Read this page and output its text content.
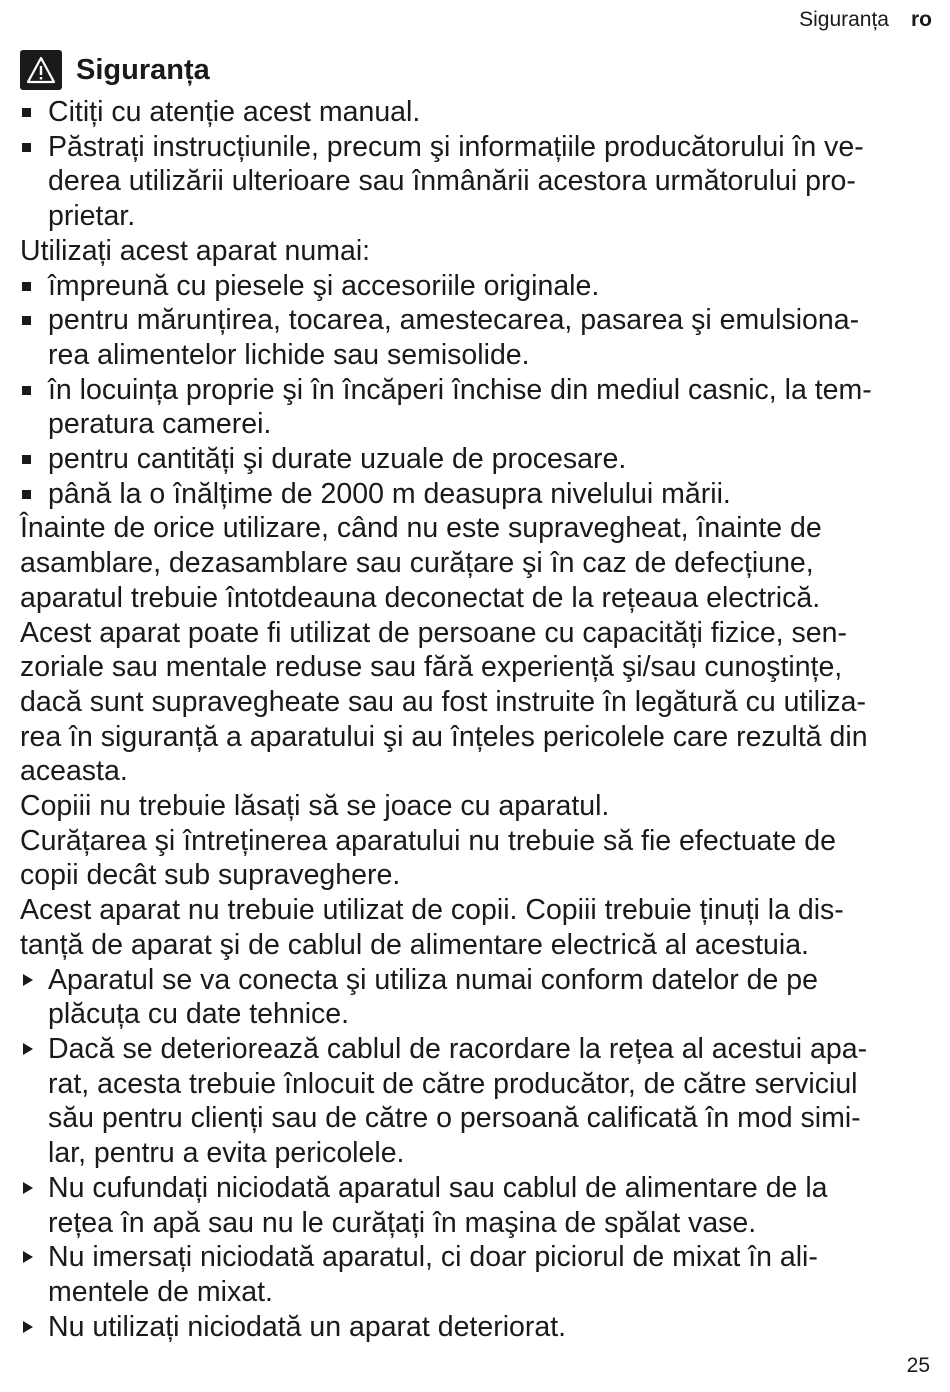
Siguranța ro
Siguranța
Citiți cu atenție acest manual.
Păstrați instrucțiunile, precum şi informațiile producătorului în ve-
derea utilizării ulterioare sau înmânării acestora următorului pro-
prietar.
Utilizați acest aparat numai:
împreună cu piesele şi accesoriile originale.
pentru mărunțirea, tocarea, amestecarea, pasarea şi emulsiona-
rea alimentelor lichide sau semisolide.
în locuința proprie şi în încăperi închise din mediul casnic, la tem-
peratura camerei.
pentru cantități şi durate uzuale de procesare.
până la o înălțime de 2000 m deasupra nivelului mării.
Înainte de orice utilizare, când nu este supravegheat, înainte de
asamblare, dezasamblare sau curățare şi în caz de defecțiune,
aparatul trebuie întotdeauna deconectat de la rețeaua electrică.
Acest aparat poate fi utilizat de persoane cu capacități fizice, sen-
zoriale sau mentale reduse sau fără experiență şi/sau cunoştințe,
dacă sunt supravegheate sau au fost instruite în legătură cu utiliza-
rea în siguranță a aparatului şi au înțeles pericolele care rezultă din
aceasta.
Copiii nu trebuie lăsați să se joace cu aparatul.
Curățarea şi întreținerea aparatului nu trebuie să fie efectuate de
copii decât sub supraveghere.
Acest aparat nu trebuie utilizat de copii. Copiii trebuie ținuți la dis-
tanță de aparat şi de cablul de alimentare electrică al acestuia.
Aparatul se va conecta şi utiliza numai conform datelor de pe
plăcuța cu date tehnice.
Dacă se deteriorează cablul de racordare la rețea al acestui apa-
rat, acesta trebuie înlocuit de către producător, de către serviciul
său pentru clienți sau de către o persoană calificată în mod simi-
lar, pentru a evita pericolele.
Nu cufundați niciodată aparatul sau cablul de alimentare de la
rețea în apă sau nu le curățați în maşina de spălat vase.
Nu imersați niciodată aparatul, ci doar piciorul de mixat în ali-
mentele de mixat.
Nu utilizați niciodată un aparat deteriorat.
25
